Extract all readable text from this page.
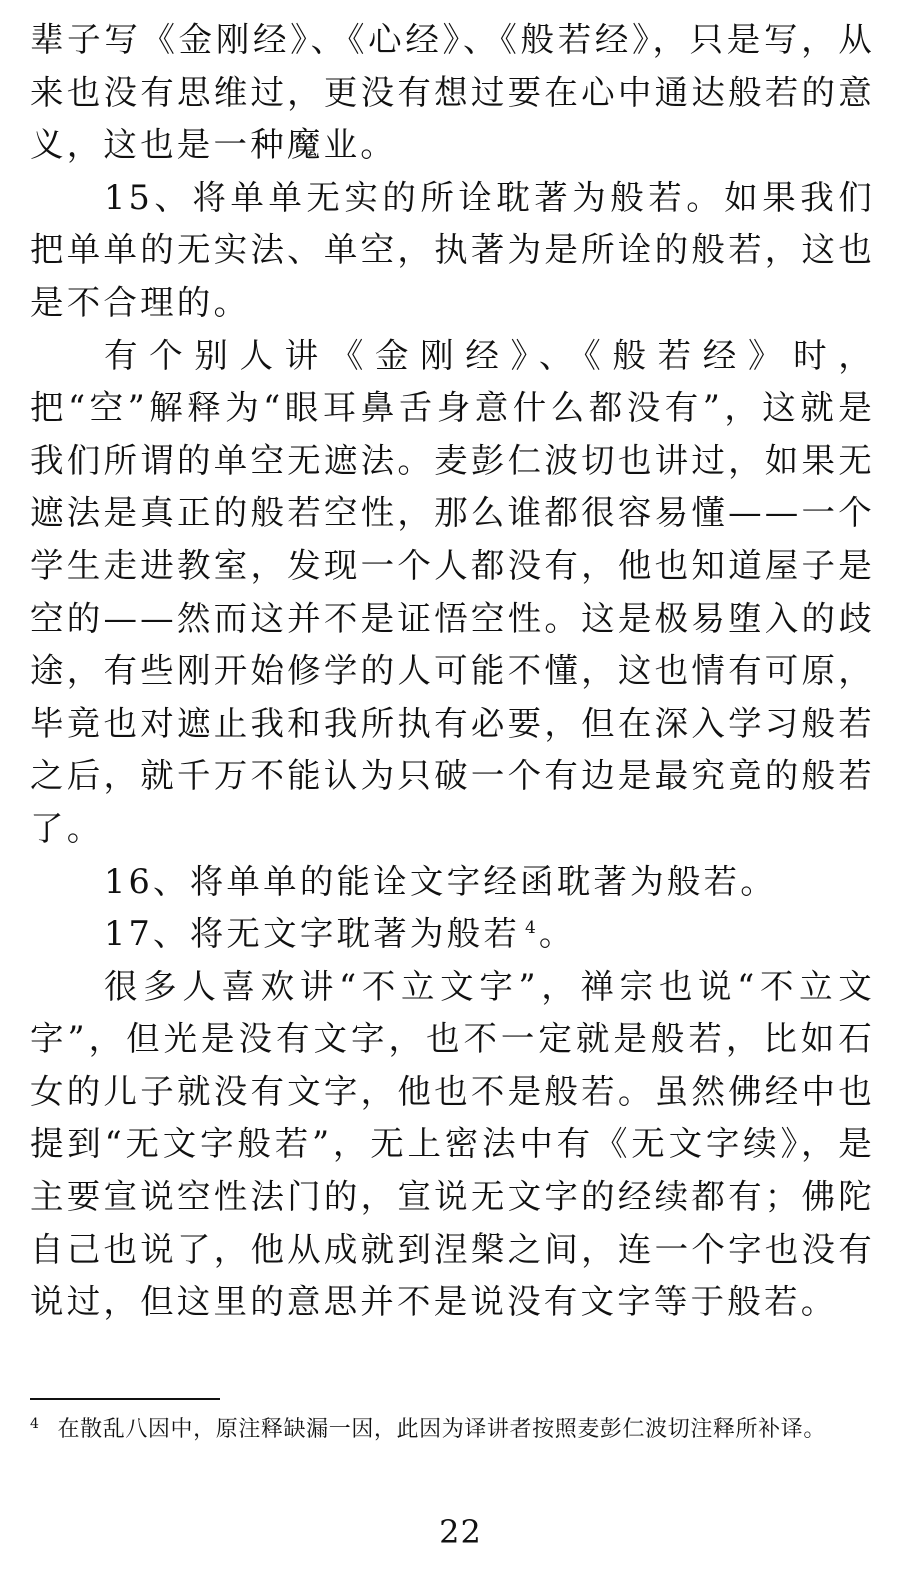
辈子写《金刚经》、《心经》、《般若经》，只是写，从来也没有思维过，更没有想过要在心中通达般若的意义，这也是一种魔业。

15、将单单无实的所诠耽著为般若。如果我们把单单的无实法、单空，执著为是所诠的般若，这也是不合理的。

有个别人讲《金刚经》、《般若经》时，把“空”解释为“眼耳鼻舌身意什么都没有”，这就是我们所谓的单空无遮法。麦彭仁波切也讲过，如果无遮法是真正的般若空性，那么谁都很容易懂——一个学生走进教室，发现一个人都没有，他也知道屋子是空的——然而这并不是证悟空性。这是极易堕入的歧途，有些刚开始修学的人可能不懂，这也情有可原，毕竟也对遮止我和我所执有必要，但在深入学习般若之后，就千万不能认为只破一个有边是最究竟的般若了。

16、将单单的能诠文字经函耽著为般若。

17、将无文字耽著为般若 $^4$。

很多人喜欢讲“不立文字”，禅宗也说“不立文字”，但光是没有文字，也不一定就是般若，比如石女的儿子就没有文字，他也不是般若。虽然佛经中也提到“无文字般若”，无上密法中有《无文字续》，是主要宣说空性法门的，宣说无文字的经续都有；佛陀自己也说了，他从成就到涅槃之间，连一个字也没有说过，但这里的意思并不是说没有文字等于般若。

$^4$ 在散乱八因中，原注释缺漏一因，此因为译讲者按照麦彭仁波切注释所补译。
22
